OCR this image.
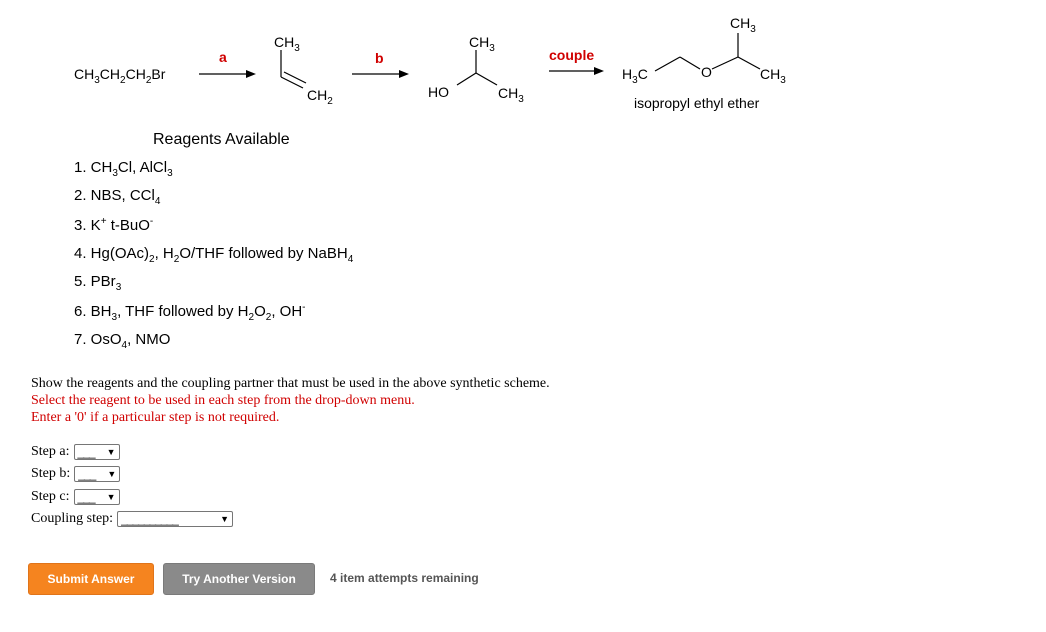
$CH_3CH_2CH_2Br$
a
$CH_3$
$CH_2$
b
$CH_3$
HO	$CH_3$
couple
$CH_3$
$H_3C$	O	$CH_3$
isopropyl ethyl ether
Reagents Available
1. $CH_3Cl$, AlCl$_3$
2. NBS, CCl$_4$
3. K+ t-BuO-
4. $Hg(OAc)_2$, $H_2O$/THF followed by NaBH$_4$
5. PBr$_3$
6. $BH_3$, THF followed by $H_2O_2$, OH-
7. OsO$_4$, NMO
Show the reagents and the coupling partner that must be used in the above synthetic scheme.
Select the reagent to be used in each step from the drop-down menu.
Enter a '0' if a particular step is not required.
Step a: ___ ▼
Step b: ___ ▼
Step c: ___ ▼
Coupling step: __________	▼
Submit Answer	Try Another Version	4 item attempts remaining
